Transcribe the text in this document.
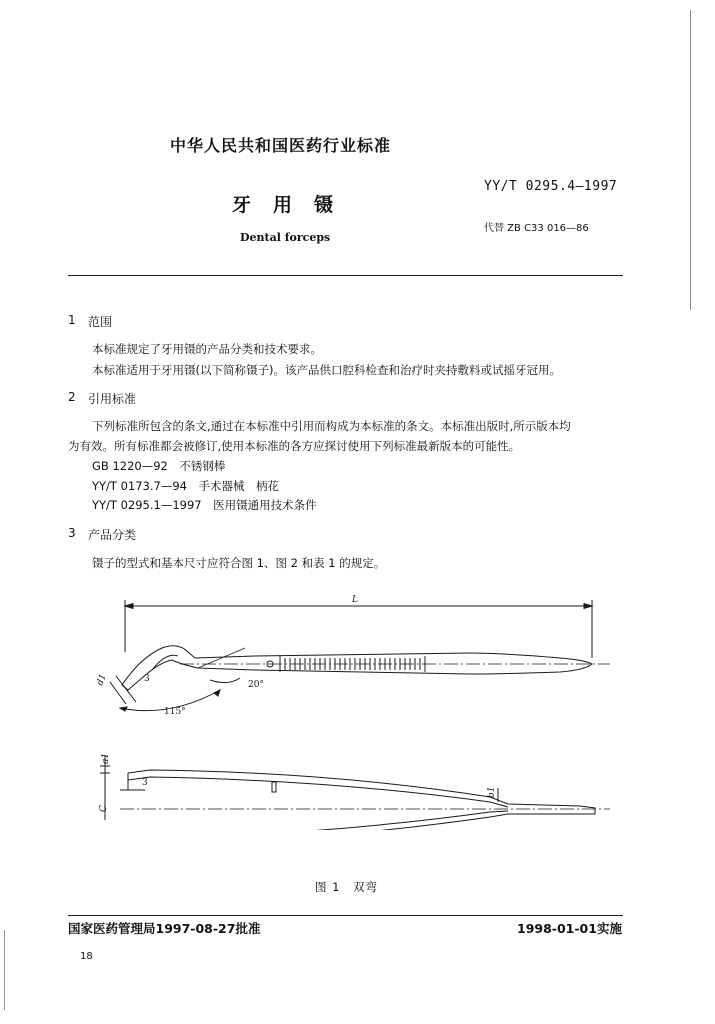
中华人民共和国医药行业标准
YY/T 0295.4—1997
牙用镊
代替 ZB C33 016—86
Dental forceps
1 范围
本标准规定了牙用镊的产品分类和技术要求。
本标准适用于牙用镊(以下简称镊子)。该产品供口腔科检查和治疗时夹持敷料或试摇牙冠用。
2 引用标准
下列标准所包含的条文,通过在本标准中引用而构成为本标准的条文。本标准出版时,所示版本均
为有效。所有标准都会被修订,使用本标准的各方应探讨使用下列标准最新版本的可能性。
GB 1220—92　不锈钢棒
YY/T 0173.7—94　手术器械　柄花
YY/T 0295.1—1997　医用镊通用技术条件
3 产品分类
镊子的型式和基本尺寸应符合图 1、图 2 和表 1 的规定。
L
20°
115°
3
d1
a1
C
3
b1
图 1　双弯
国家医药管理局1997-08-27批准	1998-01-01实施
18
